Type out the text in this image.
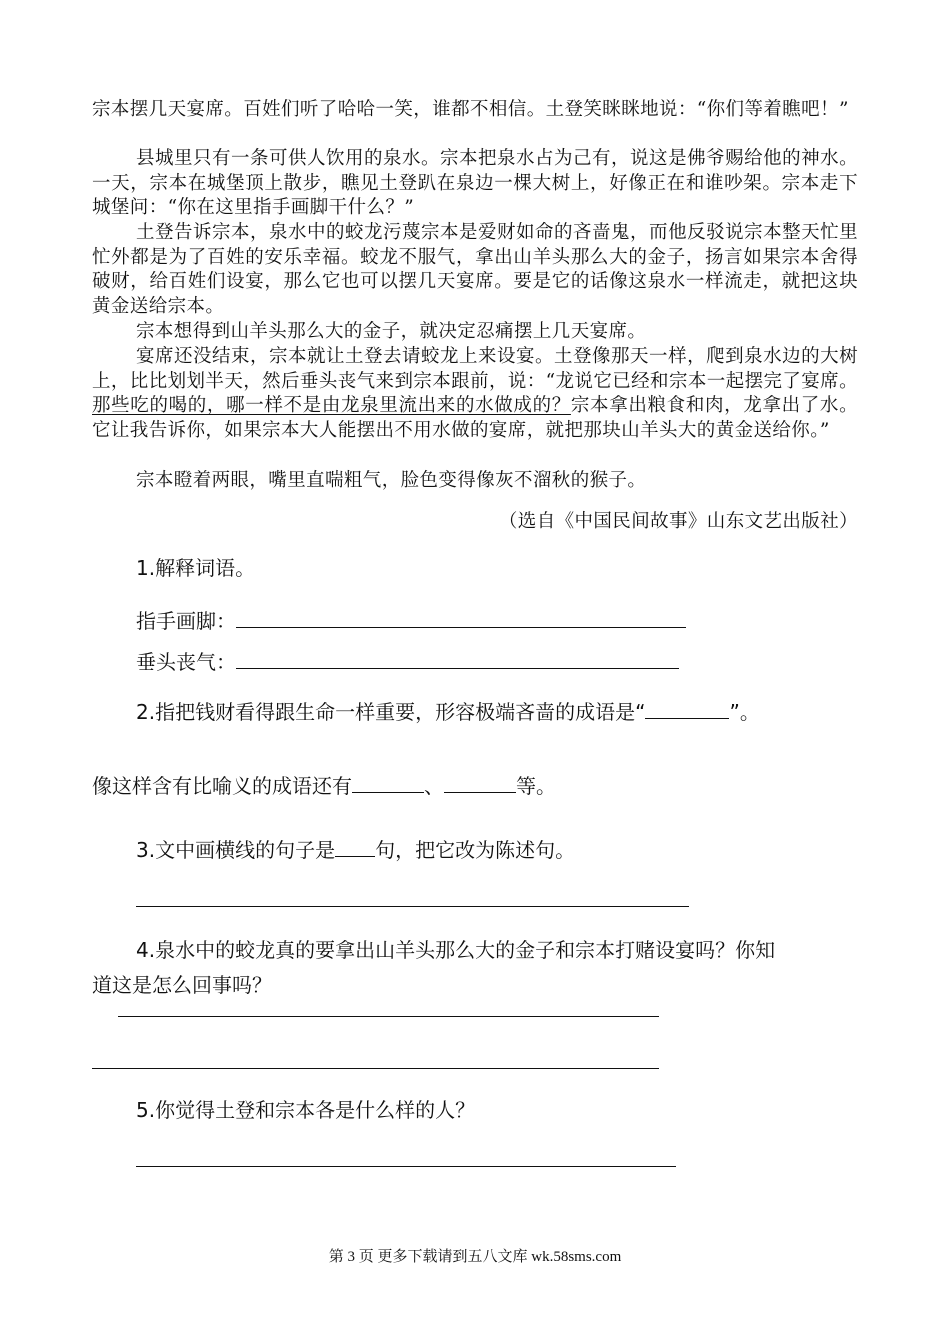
宗本摆几天宴席。百姓们听了哈哈一笑，谁都不相信。土登笑眯眯地说：“你们等着瞧吧！”
县城里只有一条可供人饮用的泉水。宗本把泉水占为己有，说这是佛爷赐给他的神水。一天，宗本在城堡顶上散步，瞧见土登趴在泉边一棵大树上，好像正在和谁吵架。宗本走下城堡问：“你在这里指手画脚干什么？”
土登告诉宗本，泉水中的蛟龙污蔑宗本是爱财如命的吝啬鬼，而他反驳说宗本整天忙里忙外都是为了百姓的安乐幸福。蛟龙不服气，拿出山羊头那么大的金子，扬言如果宗本舍得破财，给百姓们设宴，那么它也可以摆几天宴席。要是它的话像这泉水一样流走，就把这块黄金送给宗本。
宗本想得到山羊头那么大的金子，就决定忍痛摆上几天宴席。
宴席还没结束，宗本就让土登去请蛟龙上来设宴。土登像那天一样，爬到泉水边的大树上，比比划划半天，然后垂头丧气来到宗本跟前，说：“龙说它已经和宗本一起摆完了宴席。那些吃的喝的，哪一样不是由龙泉里流出来的水做成的？宗本拿出粮食和肉，龙拿出了水。它让我告诉你，如果宗本大人能摆出不用水做的宴席，就把那块山羊头大的黄金送给你。”
宗本瞪着两眼，嘴里直喘粗气，脸色变得像灰不溜秋的猴子。
（选自《中国民间故事》山东文艺出版社）
1.解释词语。
指手画脚：
垂头丧气：
2.指把钱财看得跟生命一样重要，形容极端吝啬的成语是“	”。
像这样含有比喻义的成语还有	、	等。
3.文中画横线的句子是 句，把它改为陈述句。
4.泉水中的蛟龙真的要拿出山羊头那么大的金子和宗本打赌设宴吗？你知
道这是怎么回事吗？
5.你觉得土登和宗本各是什么样的人？
第 3 页 更多下载请到五八文库 wk.58sms.com
